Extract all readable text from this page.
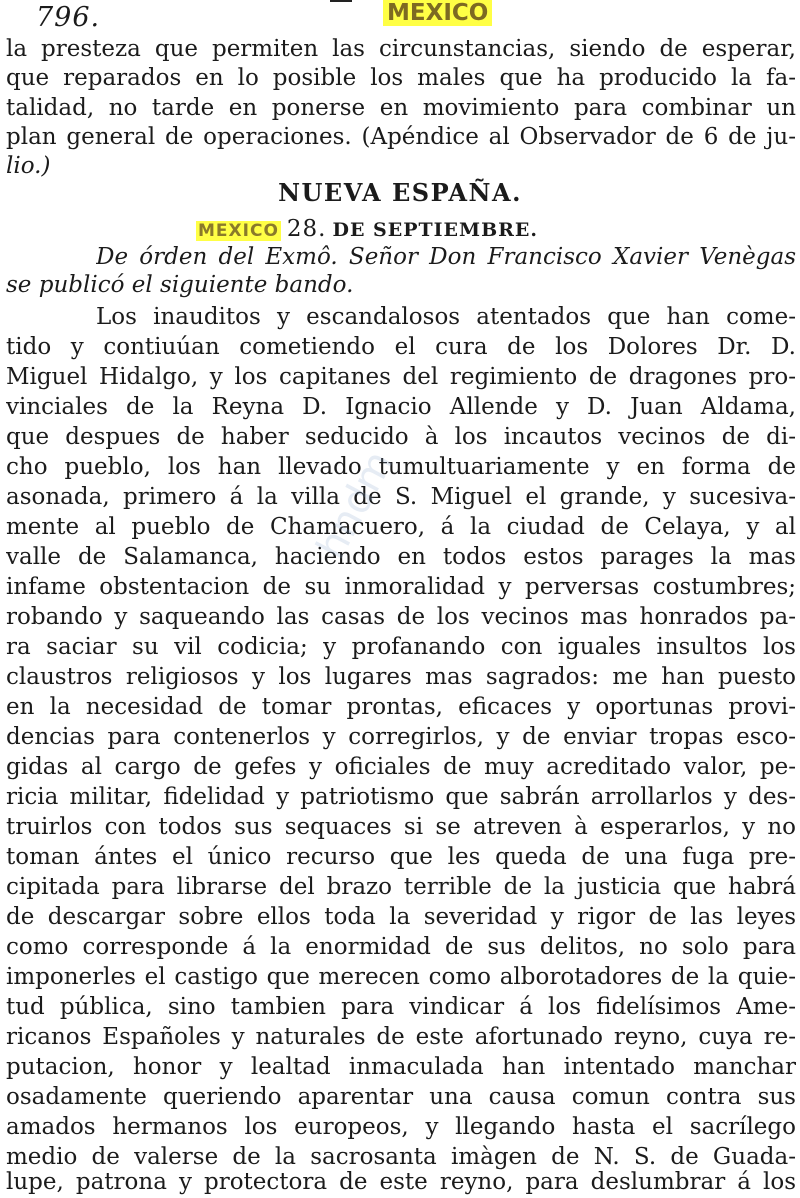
796.	MEXICO
la presteza que permiten las circunstancias, siendo de esperar,
que reparados en lo posible los males que ha producido la fa-
talidad, no tarde en ponerse en movimiento para combinar un
plan general de operaciones. (Apéndice al Observador de 6 de ju-
lio.)
NUEVA ESPAÑA.
MEXICO 28. DE SEPTIEMBRE.
De órden del Exmô. Señor Don Francisco Xavier Venègas
se publicó el siguiente bando.
Los inauditos y escandalosos atentados que han come-
tido y contiuúan cometiendo el cura de los Dolores Dr. D.
Miguel Hidalgo, y los capitanes del regimiento de dragones pro-
vinciales de la Reyna D. Ignacio Allende y D. Juan Aldama,
que despues de haber seducido à los incautos vecinos de di-
cho pueblo, los han llevado tumultuariamente y en forma de
asonada, primero á la villa de S. Miguel el grande, y sucesiva-
mente al pueblo de Chamacuero, á la ciudad de Celaya, y al
valle de Salamanca, haciendo en todos estos parages la mas
infame obstentacion de su inmoralidad y perversas costumbres;
robando y saqueando las casas de los vecinos mas honrados pa-
ra saciar su vil codicia; y profanando con iguales insultos los
claustros religiosos y los lugares mas sagrados: me han puesto
en la necesidad de tomar prontas, eficaces y oportunas provi-
dencias para contenerlos y corregirlos, y de enviar tropas esco-
gidas al cargo de gefes y oficiales de muy acreditado valor, pe-
ricia militar, fidelidad y patriotismo que sabrán arrollarlos y des-
truirlos con todos sus sequaces si se atreven à esperarlos, y no
toman ántes el único recurso que les queda de una fuga pre-
cipitada para librarse del brazo terrible de la justicia que habrá
de descargar sobre ellos toda la severidad y rigor de las leyes
como corresponde á la enormidad de sus delitos, no solo para
imponerles el castigo que merecen como alborotadores de la quie-
tud pública, sino tambien para vindicar á los fidelísimos Ame-
ricanos Españoles y naturales de este afortunado reyno, cuya re-
putacion, honor y lealtad inmaculada han intentado manchar
osadamente queriendo aparentar una causa comun contra sus
amados hermanos los europeos, y llegando hasta el sacrílego
medio de valerse de la sacrosanta imàgen de N. S. de Guada-
lupe, patrona y protectora de este reyno, para deslumbrar á los
hndm
